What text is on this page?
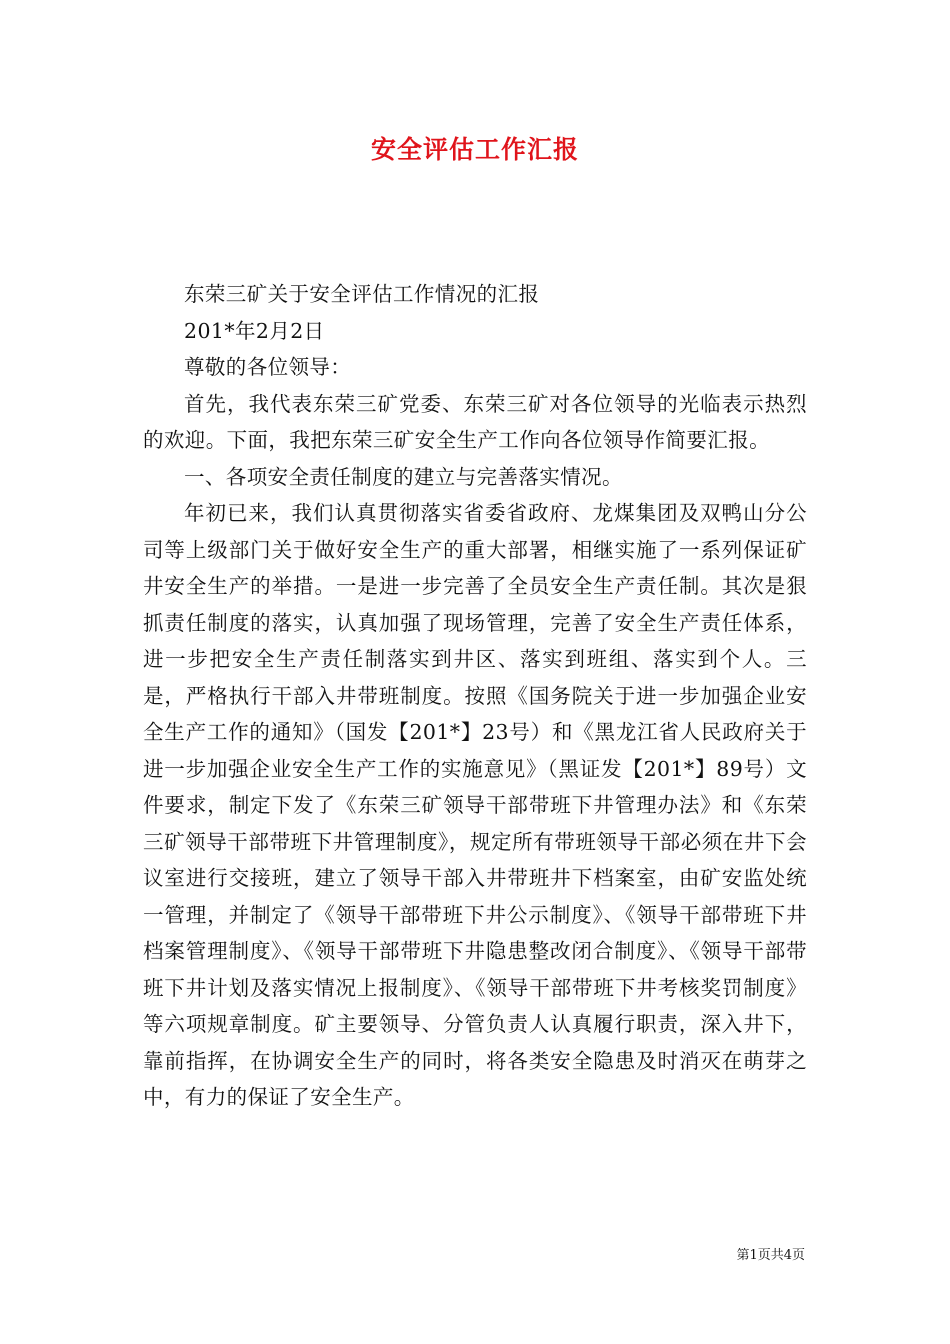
安全评估工作汇报

东荣三矿关于安全评估工作情况的汇报

201*年2月2日

尊敬的各位领导：

首先，我代表东荣三矿党委、东荣三矿对各位领导的光临表示热烈的欢迎。下面，我把东荣三矿安全生产工作向各位领导作简要汇报。

一、各项安全责任制度的建立与完善落实情况。

年初已来，我们认真贯彻落实省委省政府、龙煤集团及双鸭山分公司等上级部门关于做好安全生产的重大部署，相继实施了一系列保证矿井安全生产的举措。一是进一步完善了全员安全生产责任制。其次是狠抓责任制度的落实，认真加强了现场管理，完善了安全生产责任体系，进一步把安全生产责任制落实到井区、落实到班组、落实到个人。三是，严格执行干部入井带班制度。按照《国务院关于进一步加强企业安全生产工作的通知》（国发【201*】23号）和《黑龙江省人民政府关于进一步加强企业安全生产工作的实施意见》（黑证发【201*】89号）文件要求，制定下发了《东荣三矿领导干部带班下井管理办法》和《东荣三矿领导干部带班下井管理制度》，规定所有带班领导干部必须在井下会议室进行交接班，建立了领导干部入井带班井下档案室，由矿安监处统一管理，并制定了《领导干部带班下井公示制度》、《领导干部带班下井档案管理制度》、《领导干部带班下井隐患整改闭合制度》、《领导干部带班下井计划及落实情况上报制度》、《领导干部带班下井考核奖罚制度》等六项规章制度。矿主要领导、分管负责人认真履行职责，深入井下，靠前指挥，在协调安全生产的同时，将各类安全隐患及时消灭在萌芽之中，有力的保证了安全生产。

第1页共4页
